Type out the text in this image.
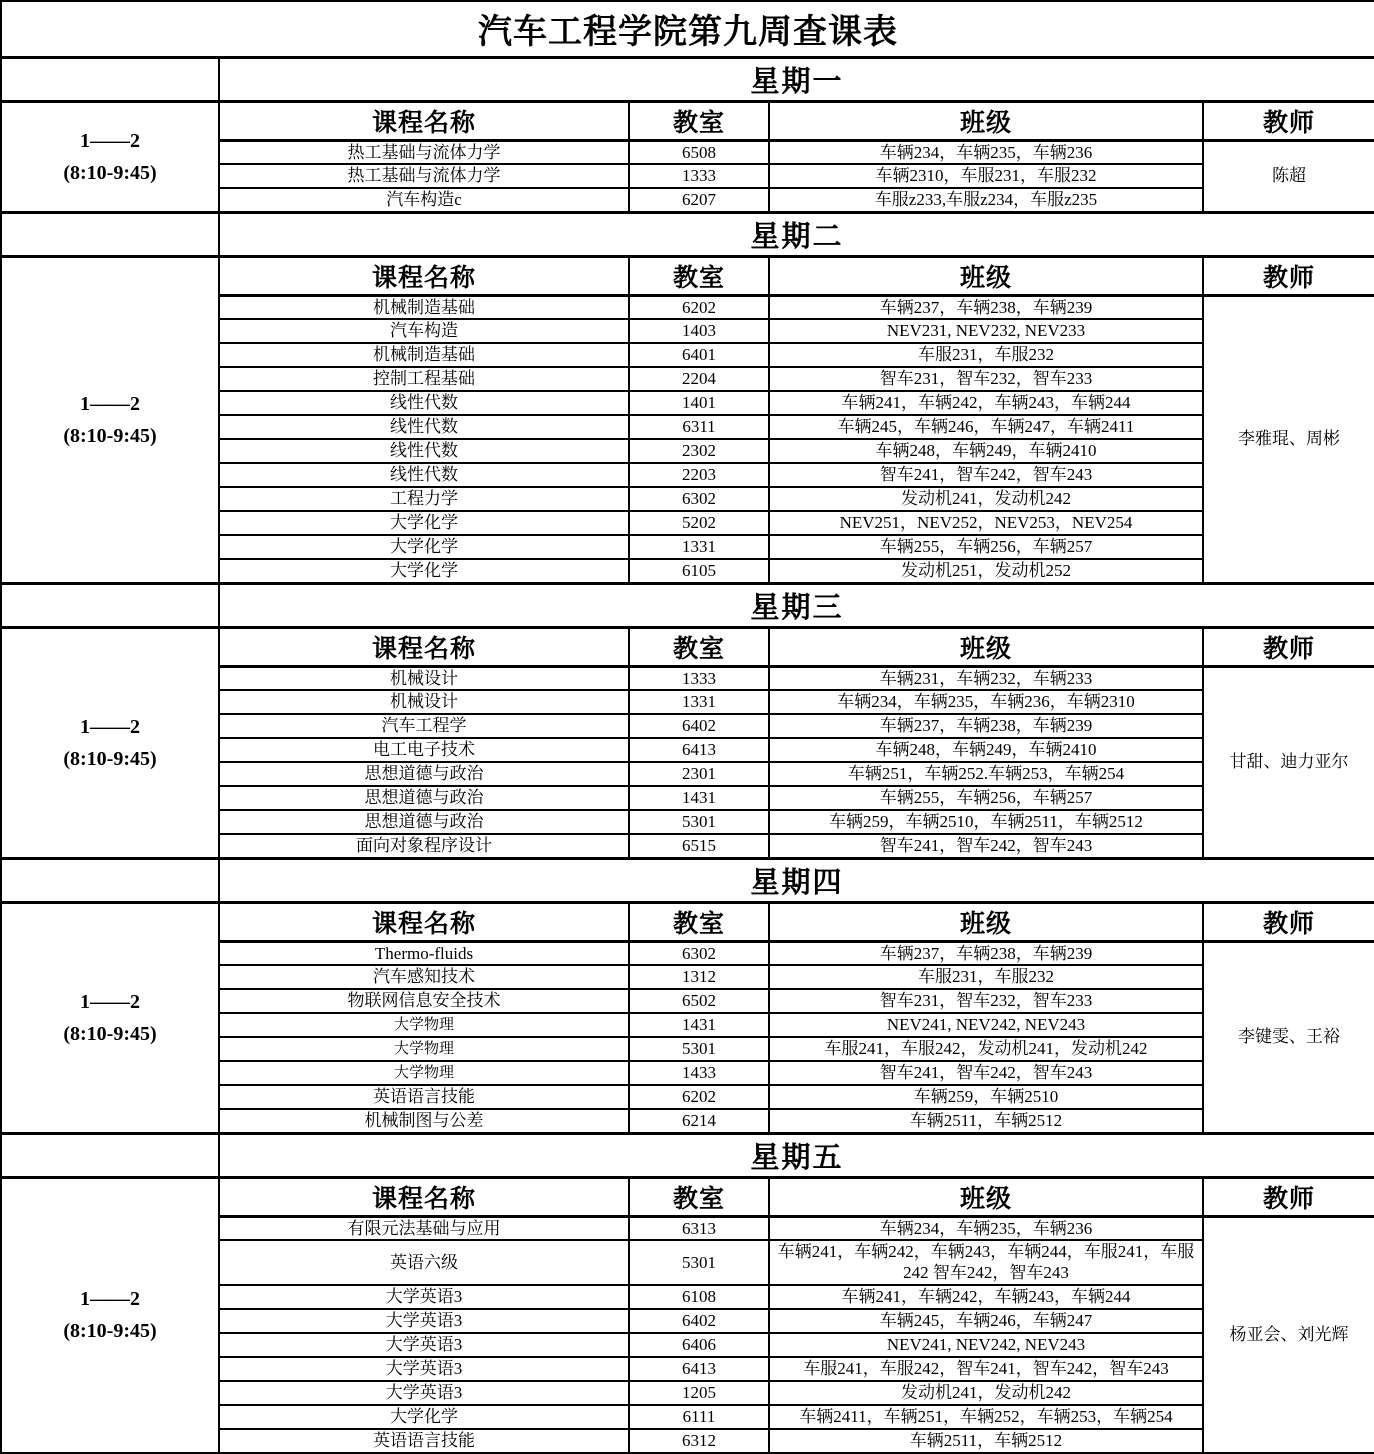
汽车工程学院第九周查课表				
	星期一			

1——2
(8:10-9:45)	课程名称	教室	班级	教师
	热工基础与流体力学	6508	车辆234，车辆235，车辆236	陈超
	热工基础与流体力学	1333	车辆2310，车服231，车服232	
	汽车构造c	6207	车服z233,车服z234，车服z235	
	星期二			

1——2
(8:10-9:45)	课程名称	教室	班级	教师
	机械制造基础	6202	车辆237，车辆238，车辆239	李雅琨、周彬
	汽车构造	1403	NEV231, NEV232, NEV233	
	机械制造基础	6401	车服231，车服232	
	控制工程基础	2204	智车231，智车232，智车233	
	线性代数	1401	车辆241，车辆242，车辆243，车辆244	
	线性代数	6311	车辆245，车辆246，车辆247，车辆2411	
	线性代数	2302	车辆248，车辆249，车辆2410	
	线性代数	2203	智车241，智车242，智车243	
	工程力学	6302	发动机241，发动机242	
	大学化学	5202	NEV251，NEV252，NEV253，NEV254	
	大学化学	1331	车辆255，车辆256，车辆257	
	大学化学	6105	发动机251，发动机252	
	星期三			

1——2
(8:10-9:45)	课程名称	教室	班级	教师
	机械设计	1333	车辆231，车辆232，车辆233	甘甜、迪力亚尔
	机械设计	1331	车辆234，车辆235，车辆236，车辆2310	
	汽车工程学	6402	车辆237，车辆238，车辆239	
	电工电子技术	6413	车辆248，车辆249，车辆2410	
	思想道德与政治	2301	车辆251，车辆252.车辆253，车辆254	
	思想道德与政治	1431	车辆255，车辆256，车辆257	
	思想道德与政治	5301	车辆259，车辆2510，车辆2511，车辆2512	
	面向对象程序设计	6515	智车241，智车242，智车243	
	星期四			

1——2
(8:10-9:45)	课程名称	教室	班级	教师
	Thermo-fluids	6302	车辆237，车辆238，车辆239	李键雯、王裕
	汽车感知技术	1312	车服231，车服232	
	物联网信息安全技术	6502	智车231，智车232，智车233	
	大学物理	1431	NEV241, NEV242, NEV243	
	大学物理	5301	车服241，车服242，发动机241，发动机242	
	大学物理	1433	智车241，智车242，智车243	
	英语语言技能	6202	车辆259，车辆2510	
	机械制图与公差	6214	车辆2511，车辆2512	
	星期五			

1——2
(8:10-9:45)	课程名称	教室	班级	教师
	有限元法基础与应用	6313	车辆234，车辆235，车辆236	杨亚会、刘光辉
	英语六级	5301	车辆241，车辆242，车辆243，车辆244，车服241，车服242 智车242，智车243	
	大学英语3	6108	车辆241，车辆242，车辆243，车辆244	
	大学英语3	6402	车辆245，车辆246，车辆247	
	大学英语3	6406	NEV241, NEV242, NEV243	
	大学英语3	6413	车服241，车服242，智车241，智车242，智车243	
	大学英语3	1205	发动机241，发动机242	
	大学化学	6111	车辆2411，车辆251，车辆252，车辆253，车辆254	
	英语语言技能	6312	车辆2511，车辆2512	
